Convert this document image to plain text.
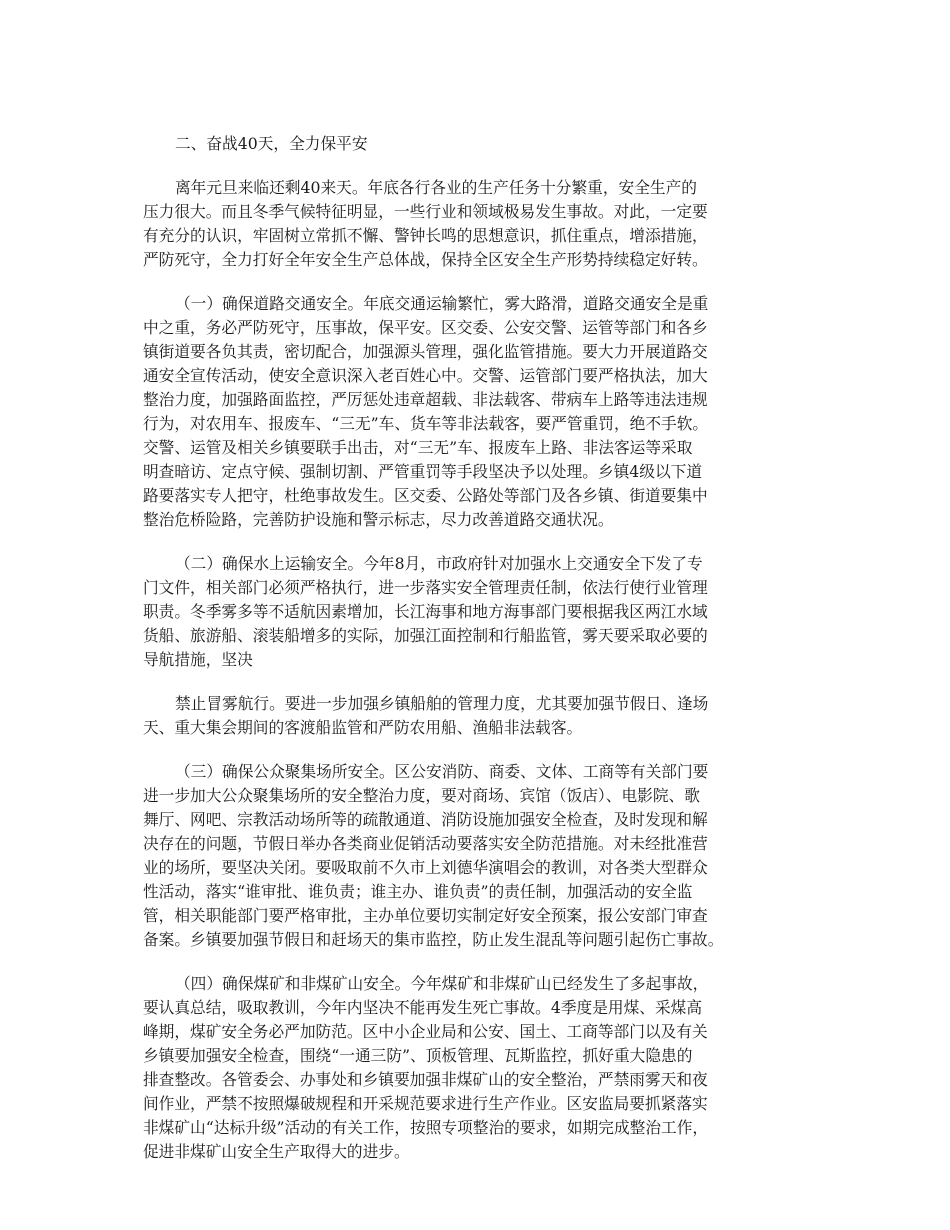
二、奋战40天，全力保平安
离年元旦来临还剩40来天。年底各行各业的生产任务十分繁重，安全生产的
压力很大。而且冬季气候特征明显，一些行业和领域极易发生事故。对此，一定要
有充分的认识，牢固树立常抓不懈、警钟长鸣的思想意识，抓住重点，增添措施，
严防死守，全力打好全年安全生产总体战，保持全区安全生产形势持续稳定好转。
（一）确保道路交通安全。年底交通运输繁忙，雾大路滑，道路交通安全是重
中之重，务必严防死守，压事故，保平安。区交委、公安交警、运管等部门和各乡
镇街道要各负其责，密切配合，加强源头管理，强化监管措施。要大力开展道路交
通安全宣传活动，使安全意识深入老百姓心中。交警、运管部门要严格执法，加大
整治力度，加强路面监控，严厉惩处违章超载、非法载客、带病车上路等违法违规
行为，对农用车、报废车、“三无”车、货车等非法载客，要严管重罚，绝不手软。
交警、运管及相关乡镇要联手出击，对“三无”车、报废车上路、非法客运等采取
明查暗访、定点守候、强制切割、严管重罚等手段坚决予以处理。乡镇4级以下道
路要落实专人把守，杜绝事故发生。区交委、公路处等部门及各乡镇、街道要集中
整治危桥险路，完善防护设施和警示标志，尽力改善道路交通状况。
（二）确保水上运输安全。今年8月，市政府针对加强水上交通安全下发了专
门文件，相关部门必须严格执行，进一步落实安全管理责任制，依法行使行业管理
职责。冬季雾多等不适航因素增加，长江海事和地方海事部门要根据我区两江水域
货船、旅游船、滚装船增多的实际，加强江面控制和行船监管，雾天要采取必要的
导航措施，坚决
禁止冒雾航行。要进一步加强乡镇船舶的管理力度，尤其要加强节假日、逢场
天、重大集会期间的客渡船监管和严防农用船、渔船非法载客。
（三）确保公众聚集场所安全。区公安消防、商委、文体、工商等有关部门要
进一步加大公众聚集场所的安全整治力度，要对商场、宾馆（饭店）、电影院、歌
舞厅、网吧、宗教活动场所等的疏散通道、消防设施加强安全检查，及时发现和解
决存在的问题，节假日举办各类商业促销活动要落实安全防范措施。对未经批准营
业的场所，要坚决关闭。要吸取前不久市上刘德华演唱会的教训，对各类大型群众
性活动，落实“谁审批、谁负责；谁主办、谁负责”的责任制，加强活动的安全监
管，相关职能部门要严格审批，主办单位要切实制定好安全预案，报公安部门审查
备案。乡镇要加强节假日和赶场天的集市监控，防止发生混乱等问题引起伤亡事故。
（四）确保煤矿和非煤矿山安全。今年煤矿和非煤矿山已经发生了多起事故，
要认真总结，吸取教训，今年内坚决不能再发生死亡事故。4季度是用煤、采煤高
峰期，煤矿安全务必严加防范。区中小企业局和公安、国土、工商等部门以及有关
乡镇要加强安全检查，围绕“一通三防”、顶板管理、瓦斯监控，抓好重大隐患的
排查整改。各管委会、办事处和乡镇要加强非煤矿山的安全整治，严禁雨雾天和夜
间作业，严禁不按照爆破规程和开采规范要求进行生产作业。区安监局要抓紧落实
非煤矿山“达标升级”活动的有关工作，按照专项整治的要求，如期完成整治工作，
促进非煤矿山安全生产取得大的进步。
